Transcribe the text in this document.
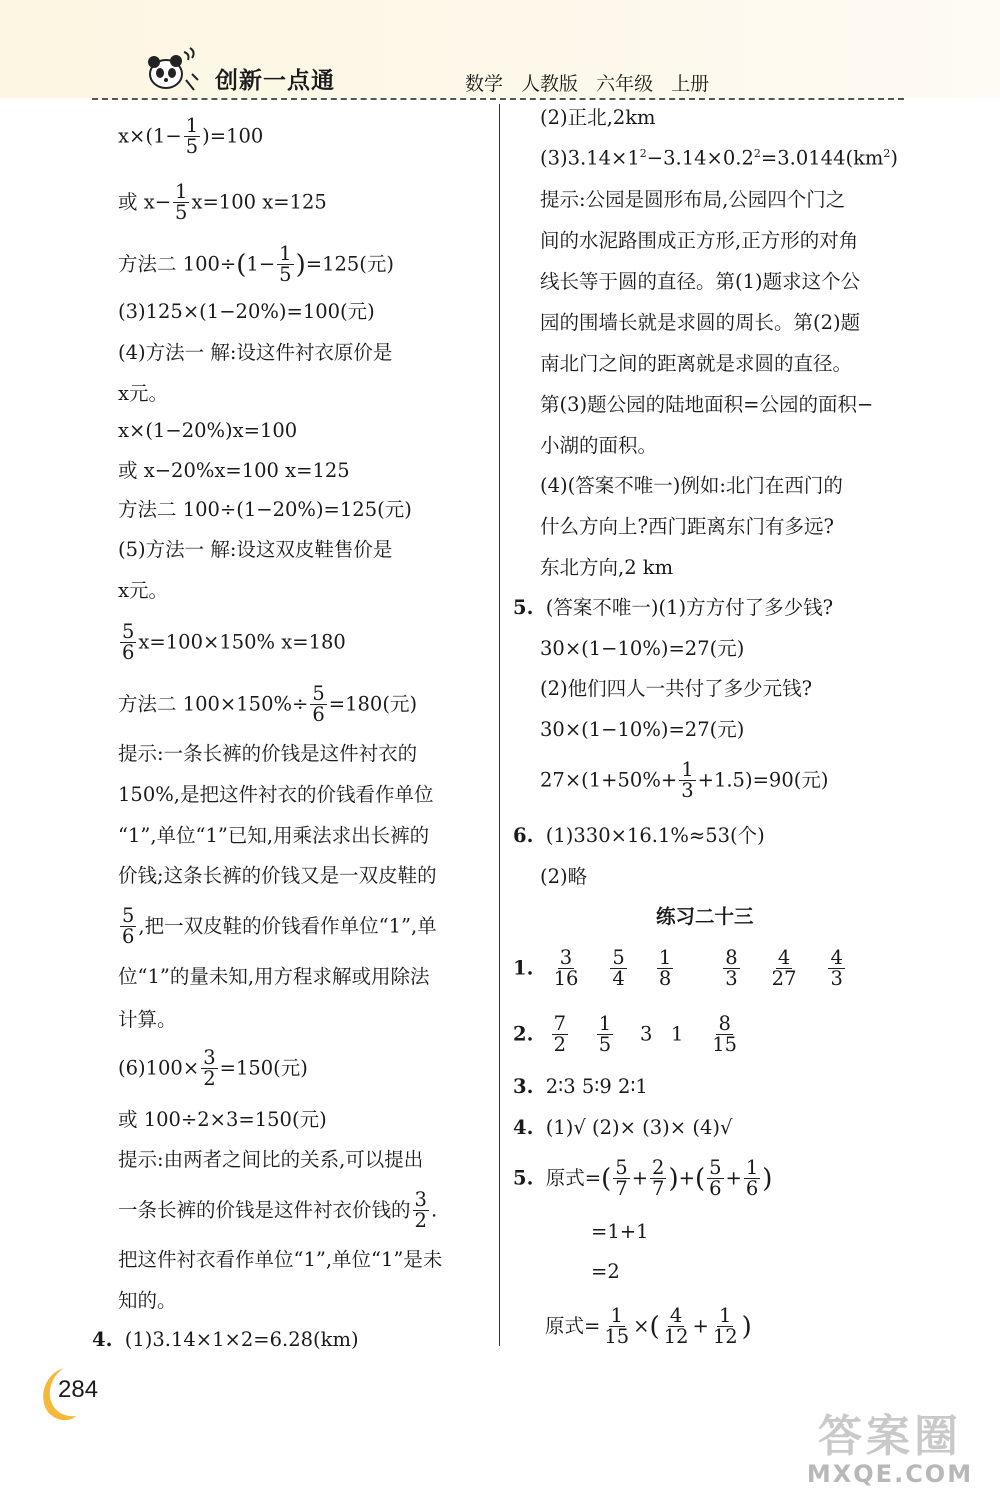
创新一点通	数学 人教版 六年级 上册
$x\times(1- \frac{1}{5} )=100$
或 $x- \frac{1}{5} x=100$ x=125
方法二 $100\div(1- \frac{1}{5} )=125$(元)
(3)125×(1−20%)=100(元)
(4)方法一 解:设这件衬衣原价是
x元。
x×(1−20%)x=100
或 x−20%x=100 x=125
方法二 100÷(1−20%)=125(元)
(5)方法一 解:设这双皮鞋售价是
x元。
$\frac{5}{6} x=100\times 150\%$ x=180
方法二 $100\times 150\%\div \frac{5}{6} =180$(元)
提示:一条长裤的价钱是这件衬衣的
150%,是把这件衬衣的价钱看作单位
“1”,单位“1”已知,用乘法求出长裤的
价钱;这条长裤的价钱又是一双皮鞋的
$\frac{5}{6}$ ,把一双皮鞋的价钱看作单位“1”,单
位“1”的量未知,用方程求解或用除法
计算。
$(6)100\times \frac{3}{2} =150$(元)
或 100÷2×3=150(元)
提示:由两者之间比的关系,可以提出
一条长裤的价钱是这件衬衣价钱的 $\frac{3}{2}$ .
把这件衬衣看作单位“1”,单位“1”是未
知的。
4. (1)3.14×1×2=6.28(km)
(2)正北,2km
$(3)3.14\times 1^2-3.14\times 0.2^2=3.0144(km^2)$
提示:公园是圆形布局,公园四个门之
间的水泥路围成正方形,正方形的对角
线长等于圆的直径。第(1)题求这个公
园的围墙长就是求圆的周长。第(2)题
南北门之间的距离就是求圆的直径。
第(3)题公园的陆地面积=公园的面积−
小湖的面积。
(4)(答案不唯一)例如:北门在西门的
什么方向上?西门距离东门有多远?
东北方向,2 km
5. (答案不唯一)(1)方方付了多少钱?
30×(1−10%)=27(元)
(2)他们四人一共付了多少元钱?
30×(1−10%)=27(元)
$27\times(1+50\%+ \frac{1}{3} +1.5)=90$(元)
6. (1)330×16.1%≈53(个)
(2)略
练习二十三
1. $\frac{3}{16} \frac{5}{4} \frac{1}{8}$	$\frac{8}{3} \frac{4}{27} \frac{4}{3}$
2. $\frac{7}{2}$
$\frac{1}{5} 3$ $1 \frac{8}{15}$
3. 2∶3 5∶9 2∶1
4. (1)√ (2)× (3)× (4)√
5. 原式=( $\frac{5}{7} + \frac{2}{7}$ )+( $\frac{5}{6} + \frac{1}{6}$ )
=1+1
=2
原式= $\frac{1}{15}$ ×( $\frac{4}{12} + \frac{1}{12}$ )
284
答案圈
MXQE.COM
